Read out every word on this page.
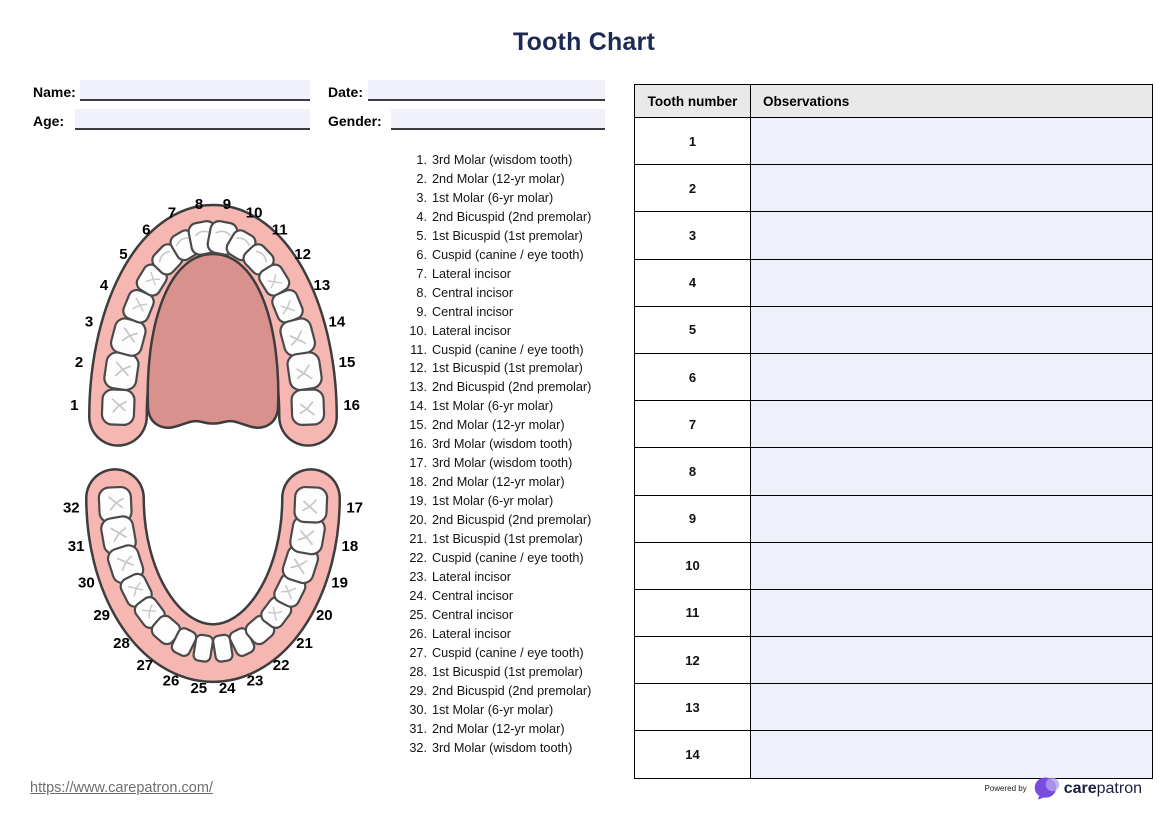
Tooth Chart
Name:	Date:
Age:	Gender:
1
2
3
4
5
6
7
8 9
10
11
12
13
14
15
16
32
31
30
29
28
27
26 25 24 23
22
21
20
19
18
17
1. 3rd Molar (wisdom tooth)
2. 2nd Molar (12-yr molar)
3. 1st Molar (6-yr molar)
4. 2nd Bicuspid (2nd premolar)
5. 1st Bicuspid (1st premolar)
6. Cuspid (canine / eye tooth)
7. Lateral incisor
8. Central incisor
9. Central incisor
10. Lateral incisor
11. Cuspid (canine / eye tooth)
12. 1st Bicuspid (1st premolar)
13. 2nd Bicuspid (2nd premolar)
14. 1st Molar (6-yr molar)
15. 2nd Molar (12-yr molar)
16. 3rd Molar (wisdom tooth)
17. 3rd Molar (wisdom tooth)
18. 2nd Molar (12-yr molar)
19. 1st Molar (6-yr molar)
20. 2nd Bicuspid (2nd premolar)
21. 1st Bicuspid (1st premolar)
22. Cuspid (canine / eye tooth)
23. Lateral incisor
24. Central incisor
25. Central incisor
26. Lateral incisor
27. Cuspid (canine / eye tooth)
28. 1st Bicuspid (1st premolar)
29. 2nd Bicuspid (2nd premolar)
30. 1st Molar (6-yr molar)
31. 2nd Molar (12-yr molar)
32. 3rd Molar (wisdom tooth)
Tooth number	Observations
1	
2	
3	
4	
5	
6	
7	
8	
9	
10	
11	
12	
13	
14	
https://www.carepatron.com/	Powered by carepatron
